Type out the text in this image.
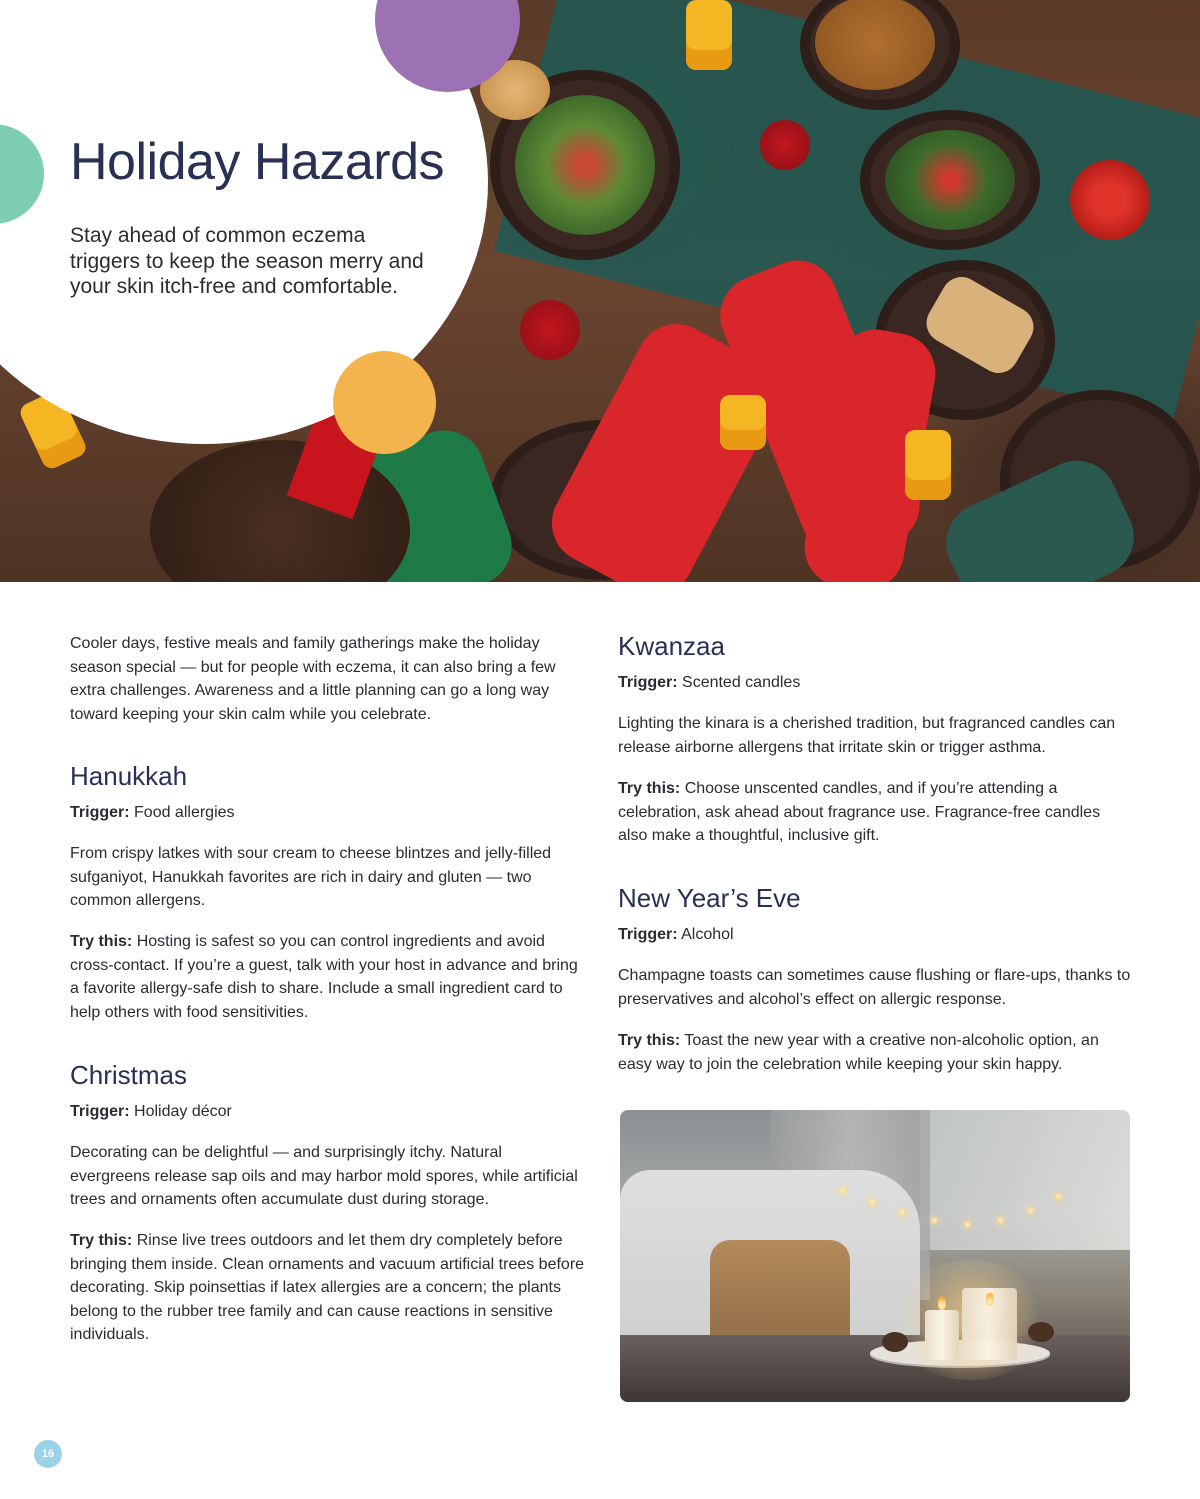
Holiday Hazards

Stay ahead of common eczema triggers to keep the season merry and your skin itch-free and comfortable.

Cooler days, festive meals and family gatherings make the holiday season special — but for people with eczema, it can also bring a few extra challenges. Awareness and a little planning can go a long way toward keeping your skin calm while you celebrate.

Hanukkah

Trigger: Food allergies

From crispy latkes with sour cream to cheese blintzes and jelly-filled sufganiyot, Hanukkah favorites are rich in dairy and gluten — two common allergens.

Try this: Hosting is safest so you can control ingredients and avoid cross-contact. If you’re a guest, talk with your host in advance and bring a favorite allergy-safe dish to share. Include a small ingredient card to help others with food sensitivities.

Christmas

Trigger: Holiday décor

Decorating can be delightful — and surprisingly itchy. Natural evergreens release sap oils and may harbor mold spores, while artificial trees and ornaments often accumulate dust during storage.

Try this: Rinse live trees outdoors and let them dry completely before bringing them inside. Clean ornaments and vacuum artificial trees before decorating. Skip poinsettias if latex allergies are a concern; the plants belong to the rubber tree family and can cause reactions in sensitive individuals.

Kwanzaa

Trigger: Scented candles

Lighting the kinara is a cherished tradition, but fragranced candles can release airborne allergens that irritate skin or trigger asthma.

Try this: Choose unscented candles, and if you’re attending a celebration, ask ahead about fragrance use. Fragrance-free candles also make a thoughtful, inclusive gift.

New Year’s Eve

Trigger: Alcohol

Champagne toasts can sometimes cause flushing or flare-ups, thanks to preservatives and alcohol’s effect on allergic response.

Try this: Toast the new year with a creative non-alcoholic option, an easy way to join the celebration while keeping your skin happy.

16
